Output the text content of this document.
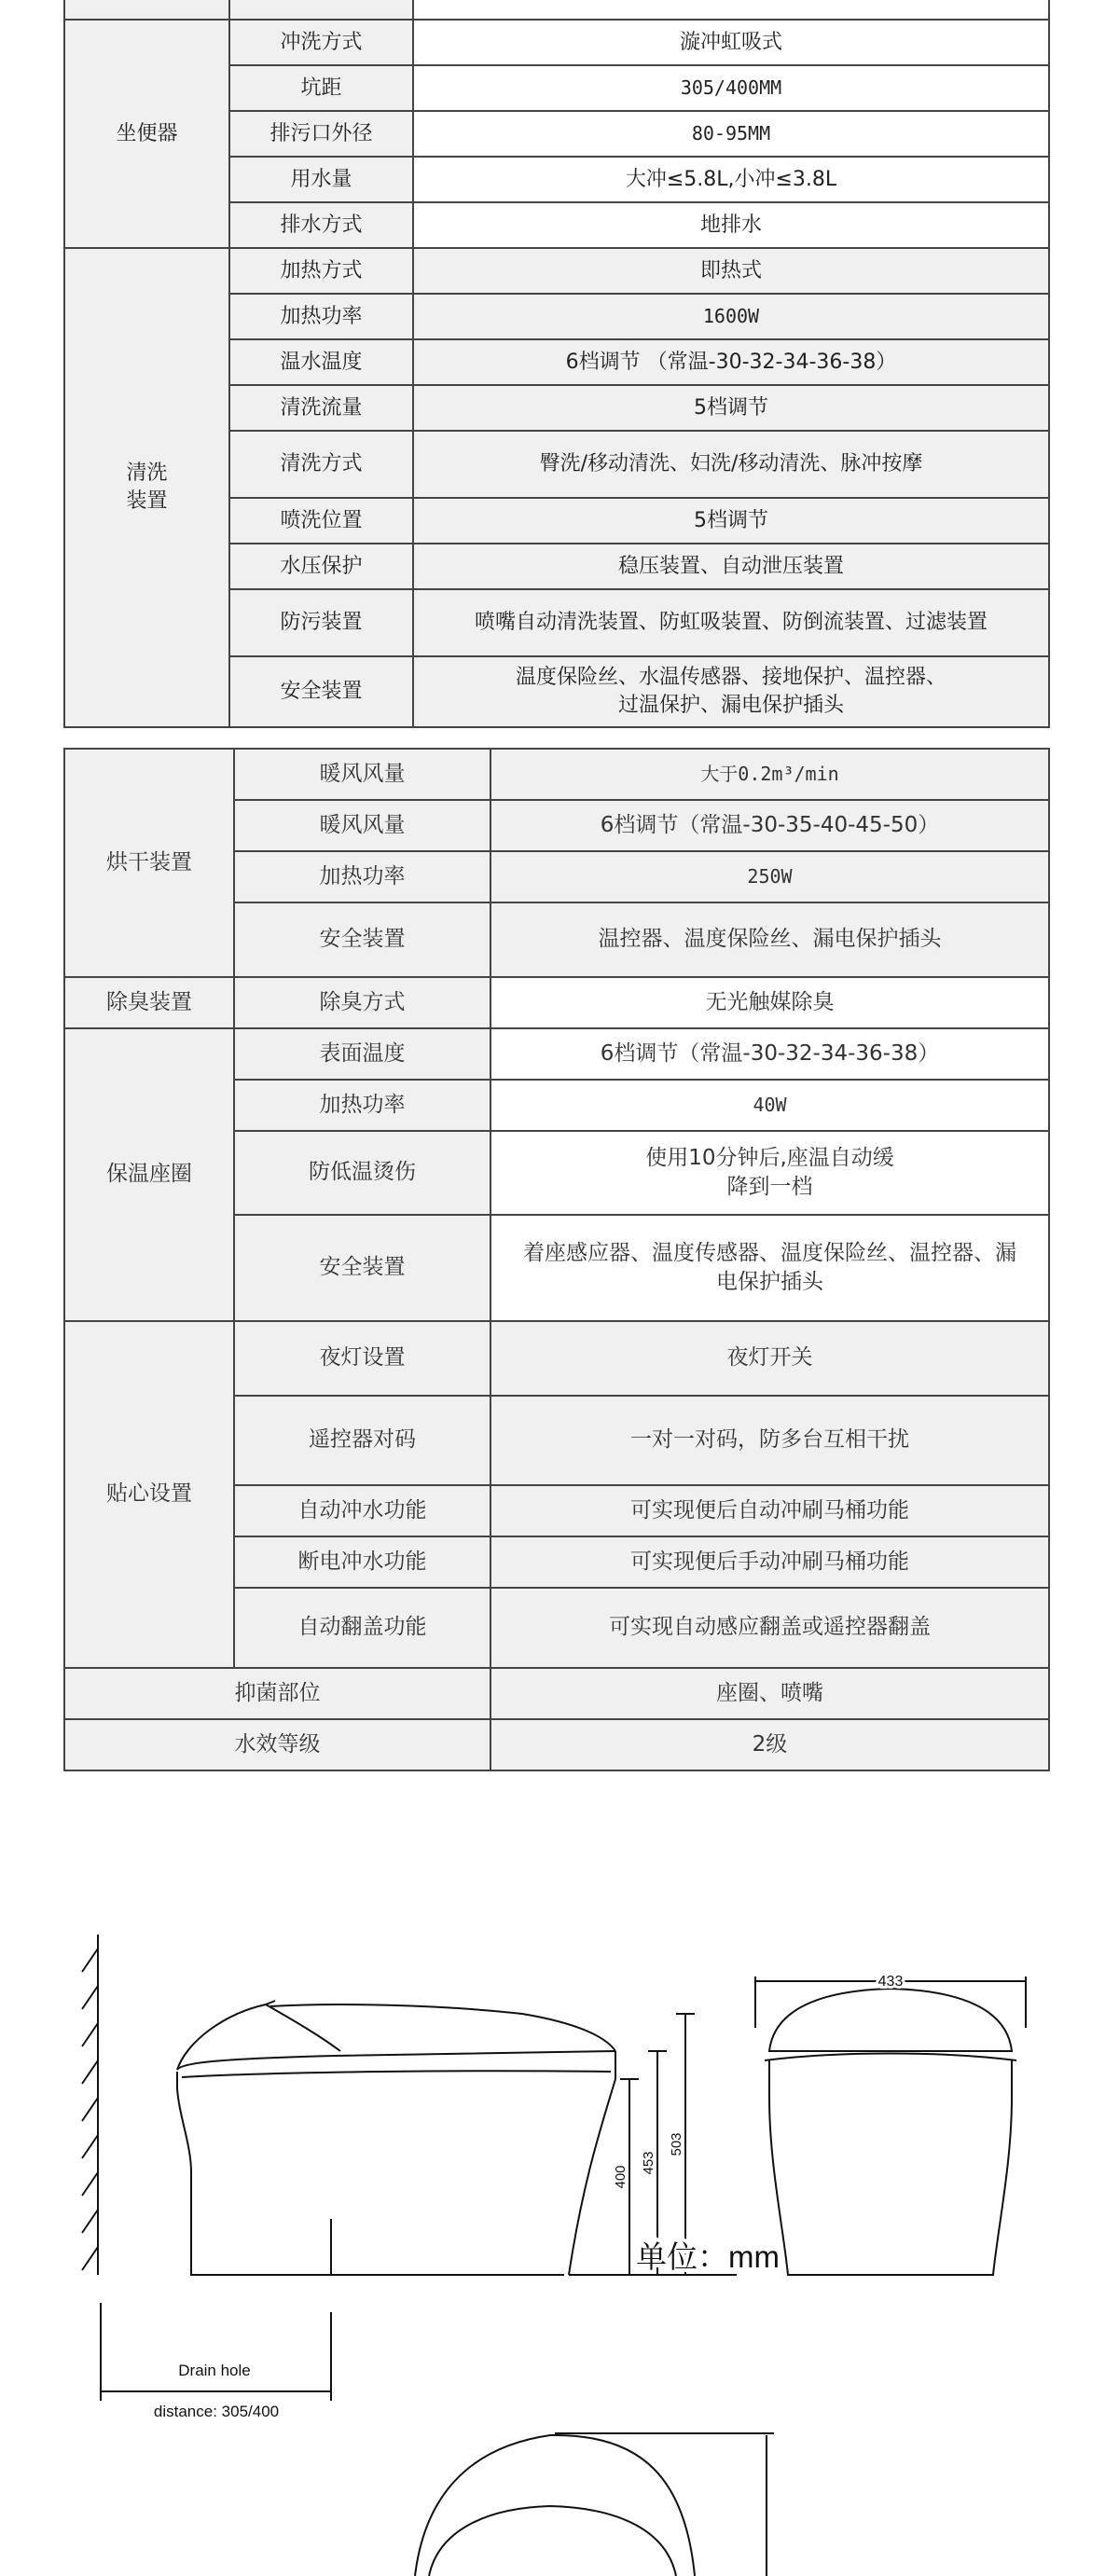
坐便器	冲洗方式	漩冲虹吸式
	坑距	305/400MM
	排污口外径	80-95MM
	用水量	大冲≤5.8L,小冲≤3.8L
	排水方式	地排水

清洗
装置	加热方式	即热式
	加热功率	1600W
	温水温度	6档调节 （常温-30-32-34-36-38）
	清洗流量	5档调节
	清洗方式	臀洗/移动清洗、妇洗/移动清洗、脉冲按摩
	喷洗位置	5档调节
	水压保护	稳压装置、自动泄压装置
	防污装置	喷嘴自动清洗装置、防虹吸装置、防倒流装置、过滤装置
	安全装置	温度保险丝、水温传感器、接地保护、温控器、
过温保护、漏电保护插头
烘干装置	暖风风量	大于0.2m³/min
	暖风风量	6档调节（常温-30-35-40-45-50）
	加热功率	250W
	安全装置	温控器、温度保险丝、漏电保护插头
除臭装置	除臭方式	无光触媒除臭
保温座圈	表面温度	6档调节（常温-30-32-34-36-38）
	加热功率	40W
	防低温烫伤	使用10分钟后,座温自动缓
降到一档

	安全装置	着座感应器、温度传感器、温度保险丝、温控器、漏
电保护插头

贴心设置	夜灯设置	夜灯开关
	遥控器对码	一对一对码，防多台互相干扰
	自动冲水功能	可实现便后自动冲刷马桶功能
	断电冲水功能	可实现便后手动冲刷马桶功能
	自动翻盖功能	可实现自动感应翻盖或遥控器翻盖
抑菌部位		座圈、喷嘴
水效等级		2级
433
400
453
503
单位：mm
Drain hole
distance: 305/400
